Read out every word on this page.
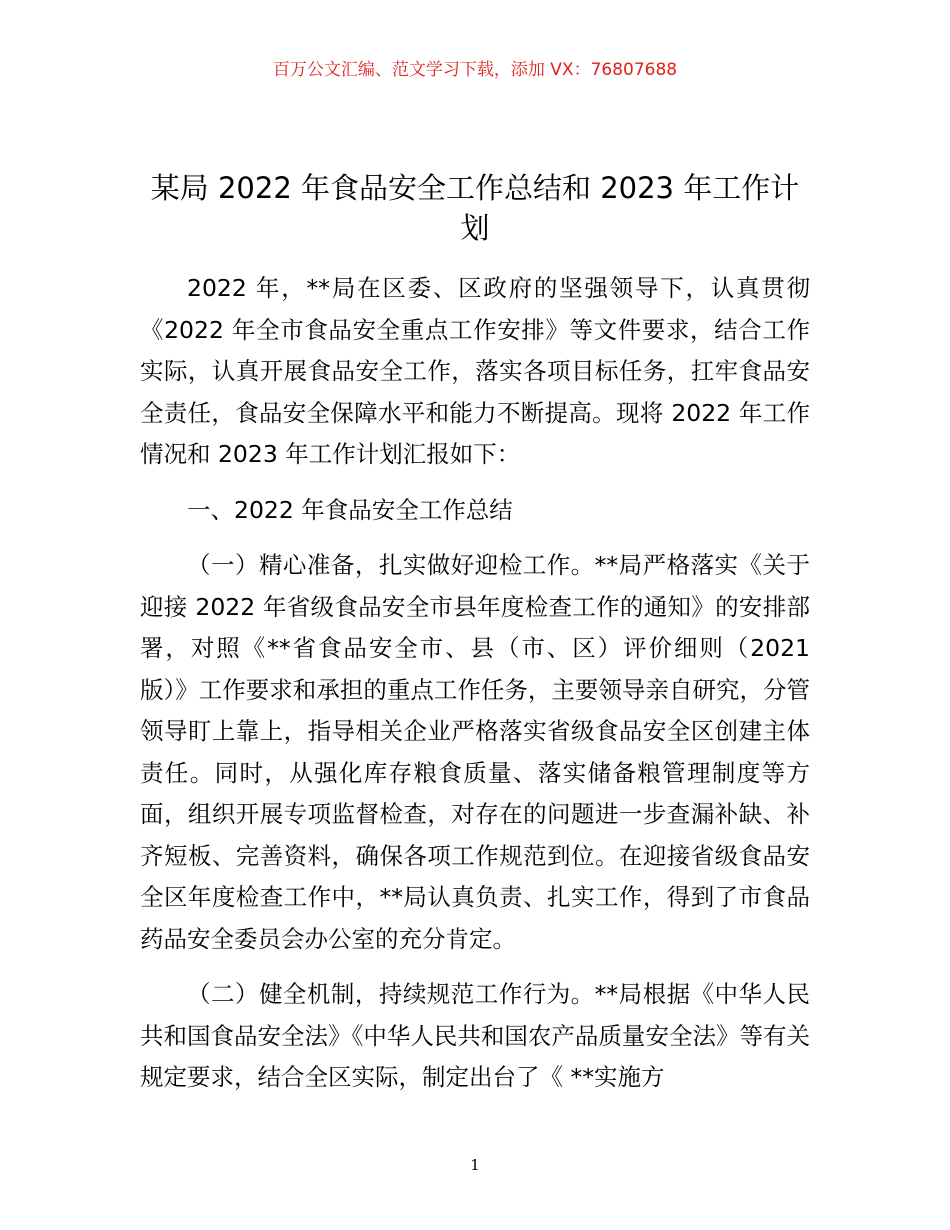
百万公文汇编、范文学习下载，添加 VX：76807688
某局 2022 年食品安全工作总结和 2023 年工作计划

2022 年，**局在区委、区政府的坚强领导下，认真贯彻《2022 年全市食品安全重点工作安排》等文件要求，结合工作实际，认真开展食品安全工作，落实各项目标任务，扛牢食品安全责任，食品安全保障水平和能力不断提高。现将 2022 年工作情况和 2023 年工作计划汇报如下：

一、2022 年食品安全工作总结

（一）精心准备，扎实做好迎检工作。**局严格落实《关于迎接 2022 年省级食品安全市县年度检查工作的通知》的安排部署，对照《**省食品安全市、县（市、区）评价细则（2021 版）》工作要求和承担的重点工作任务，主要领导亲自研究，分管领导盯上靠上，指导相关企业严格落实省级食品安全区创建主体责任。同时，从强化库存粮食质量、落实储备粮管理制度等方面，组织开展专项监督检查，对存在的问题进一步查漏补缺、补齐短板、完善资料，确保各项工作规范到位。在迎接省级食品安全区年度检查工作中，**局认真负责、扎实工作，得到了市食品药品安全委员会办公室的充分肯定。

（二）健全机制，持续规范工作行为。**局根据《中华人民共和国食品安全法》《中华人民共和国农产品质量安全法》等有关规定要求，结合全区实际，制定出台了《 **实施方

1
